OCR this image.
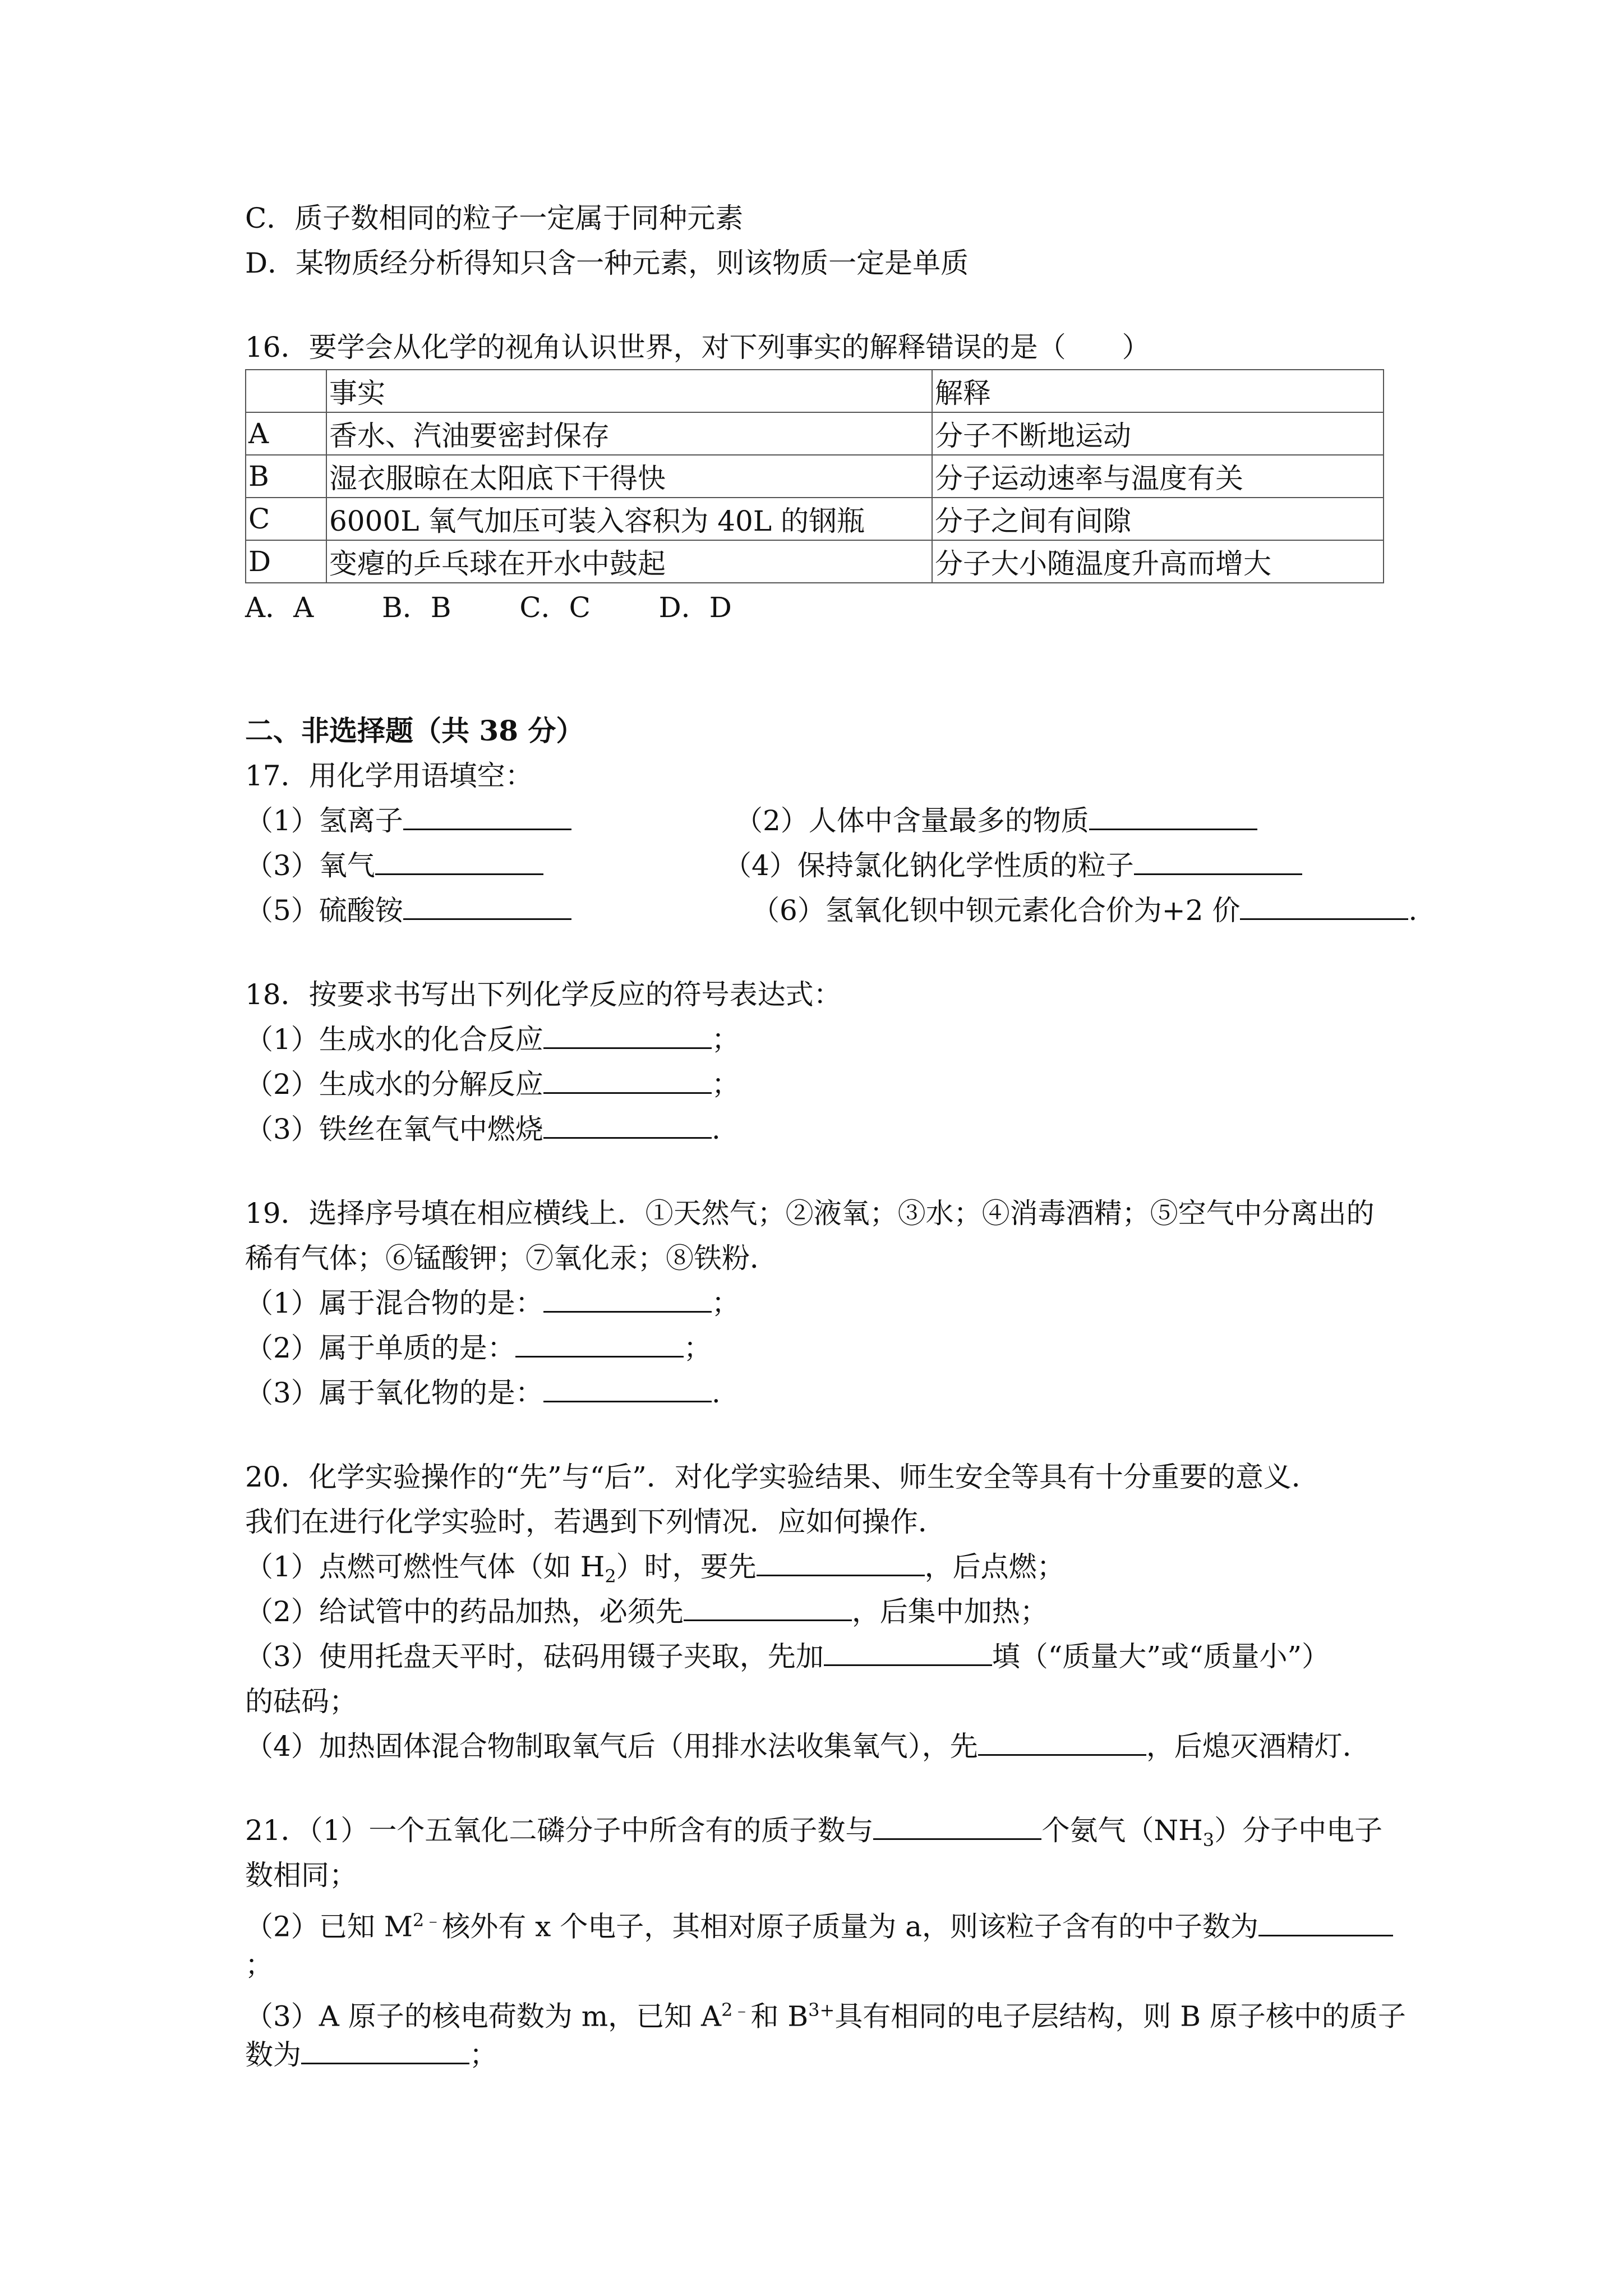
C．质子数相同的粒子一定属于同种元素
D．某物质经分析得知只含一种元素，则该物质一定是单质
16．要学会从化学的视角认识世界，对下列事实的解释错误的是（　　）
	事实	解释
A	香水、汽油要密封保存	分子不断地运动
B	湿衣服晾在太阳底下干得快	分子运动速率与温度有关
C	6000L 氧气加压可装入容积为 40L 的钢瓶	分子之间有间隙
D	变瘪的乒乓球在开水中鼓起	分子大小随温度升高而增大
A．A B．B C．C D．D
二、非选择题（共 38 分）
17．用化学用语填空：
（1）氢离子	（2）人体中含量最多的物质
（3）氧气	（4）保持氯化钠化学性质的粒子
（5）硫酸铵	（6）氢氧化钡中钡元素化合价为+2 价	.
18．按要求书写出下列化学反应的符号表达式：
（1）生成水的化合反应	；
（2）生成水的分解反应	；
（3）铁丝在氧气中燃烧	.
19．选择序号填在相应横线上．①天然气；②液氧；③水；④消毒酒精；⑤空气中分离出的
稀有气体；⑥锰酸钾；⑦氧化汞；⑧铁粉．
（1）属于混合物的是：	；
（2）属于单质的是：	；
（3）属于氧化物的是：	.
20．化学实验操作的“先”与“后”．对化学实验结果、师生安全等具有十分重要的意义．
我们在进行化学实验时，若遇到下列情况．应如何操作．
（1）点燃可燃性气体（如 $H_2$）时，要先	，后点燃；
（2）给试管中的药品加热，必须先	，后集中加热；
（3）使用托盘天平时，砝码用镊子夹取，先加	填（“质量大”或“质量小”）
的砝码；
（4）加热固体混合物制取氧气后（用排水法收集氧气），先	，后熄灭酒精灯．
21．（1）一个五氧化二磷分子中所含有的质子数与	个氨气$(NH_3)$分子中电子
数相同；
（2）已知 $M^{2﹣}$核外有 x 个电子，其相对原子质量为 a，则该粒子含有的中子数为
；
（3）A 原子的核电荷数为 m，已知 $A^{2﹣}$和 $B^{3+}$具有相同的电子层结构，则 B 原子核中的质子
数为	；
